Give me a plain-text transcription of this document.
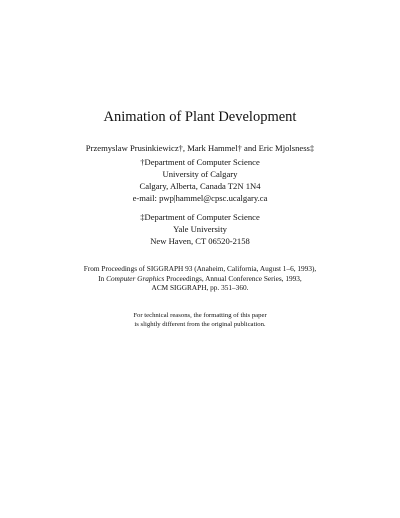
Animation of Plant Development
Przemyslaw Prusinkiewicz†, Mark Hammel† and Eric Mjolsness‡
†Department of Computer Science
University of Calgary
Calgary, Alberta, Canada T2N 1N4
e-mail: pwp|hammel@cpsc.ucalgary.ca
‡Department of Computer Science
Yale University
New Haven, CT 06520-2158
From Proceedings of SIGGRAPH 93 (Anaheim, California, August 1–6, 1993),
In Computer Graphics Proceedings, Annual Conference Series, 1993,
ACM SIGGRAPH, pp. 351–360.
For technical reasons, the formatting of this paper
is slightly different from the original publication.
